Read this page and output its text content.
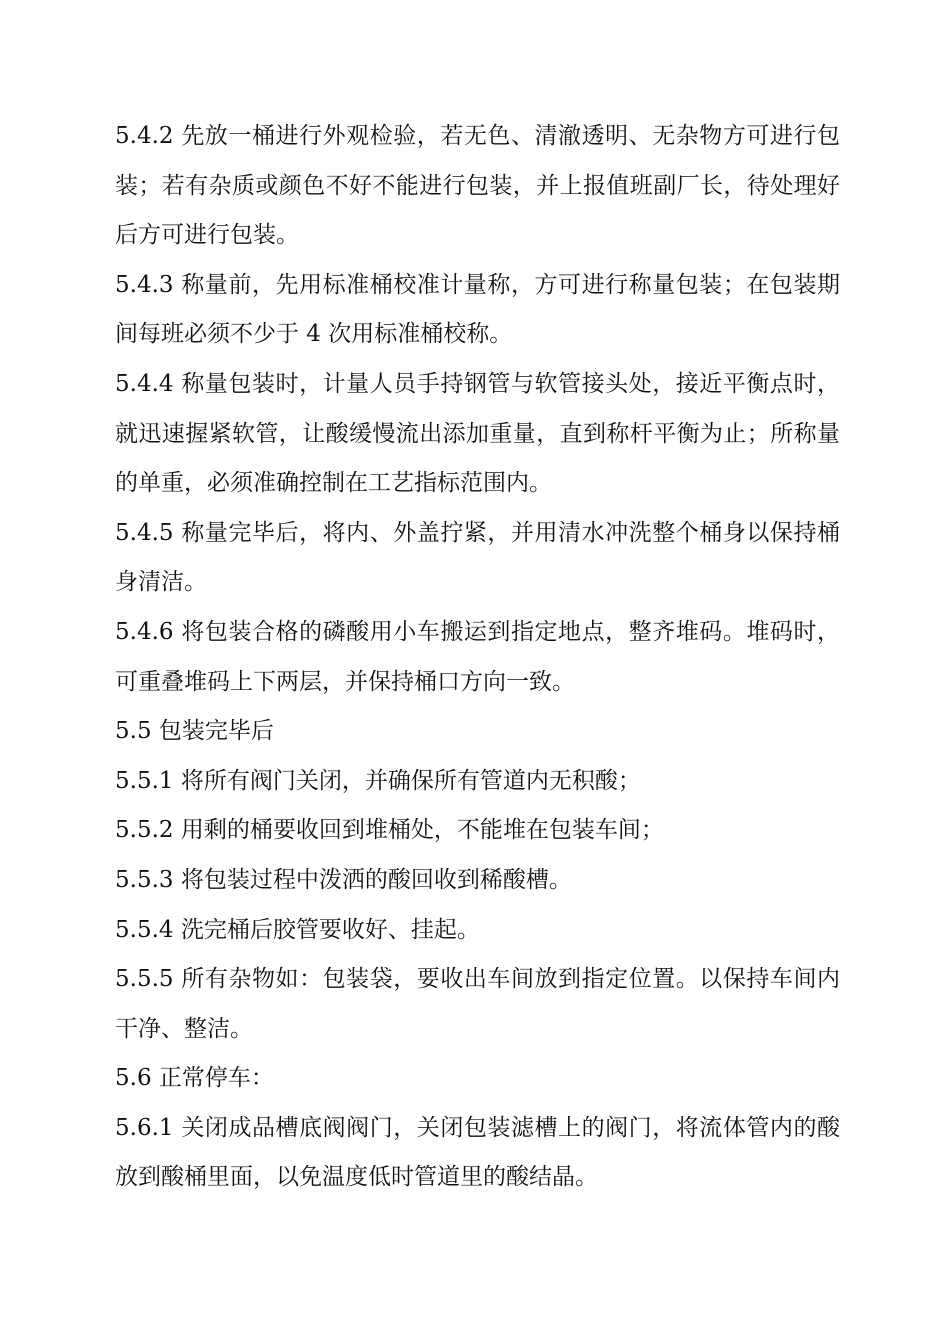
5.4.2 先放一桶进行外观检验，若无色、清澈透明、无杂物方可进行包装；若有杂质或颜色不好不能进行包装，并上报值班副厂长，待处理好后方可进行包装。

5.4.3 称量前，先用标准桶校准计量称，方可进行称量包装；在包装期间每班必须不少于 4 次用标准桶校称。

5.4.4 称量包装时，计量人员手持钢管与软管接头处，接近平衡点时，就迅速握紧软管，让酸缓慢流出添加重量，直到称杆平衡为止；所称量的单重，必须准确控制在工艺指标范围内。

5.4.5 称量完毕后，将内、外盖拧紧，并用清水冲洗整个桶身以保持桶身清洁。

5.4.6 将包装合格的磷酸用小车搬运到指定地点，整齐堆码。堆码时，可重叠堆码上下两层，并保持桶口方向一致。

5.5 包装完毕后

5.5.1 将所有阀门关闭，并确保所有管道内无积酸；

5.5.2 用剩的桶要收回到堆桶处，不能堆在包装车间；

5.5.3 将包装过程中泼洒的酸回收到稀酸槽。

5.5.4 洗完桶后胶管要收好、挂起。

5.5.5 所有杂物如：包装袋，要收出车间放到指定位置。以保持车间内干净、整洁。

5.6 正常停车：

5.6.1 关闭成品槽底阀阀门，关闭包装滤槽上的阀门，将流体管内的酸放到酸桶里面，以免温度低时管道里的酸结晶。
